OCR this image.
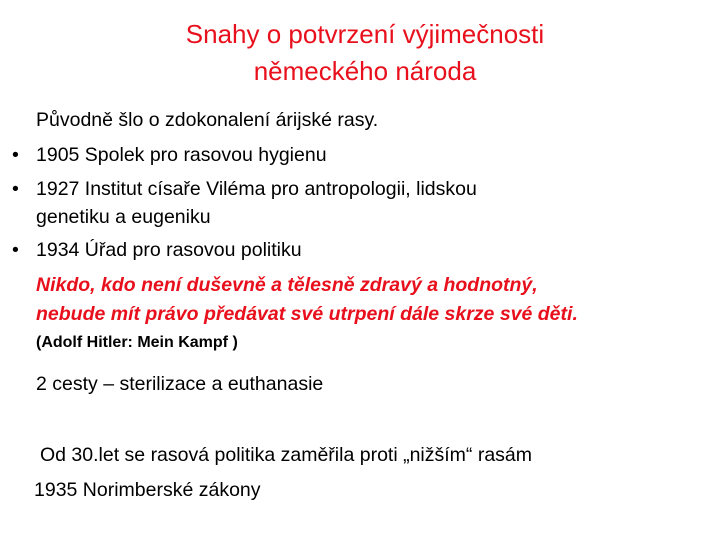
Snahy o potvrzení výjimečnosti
německého národa
Původně šlo o zdokonalení árijské rasy.
• 1905 Spolek pro rasovou hygienu
• 1927 Institut císaře Viléma pro antropologii, lidskou
genetiku a eugeniku
• 1934 Úřad pro rasovou politiku
Nikdo, kdo není duševně a tělesně zdravý a hodnotný,
nebude mít právo předávat své utrpení dále skrze své děti.
(Adolf Hitler: Mein Kampf )
2 cesty – sterilizace a euthanasie
Od 30.let se rasová politika zaměřila proti „nižším“ rasám
1935 Norimberské zákony
